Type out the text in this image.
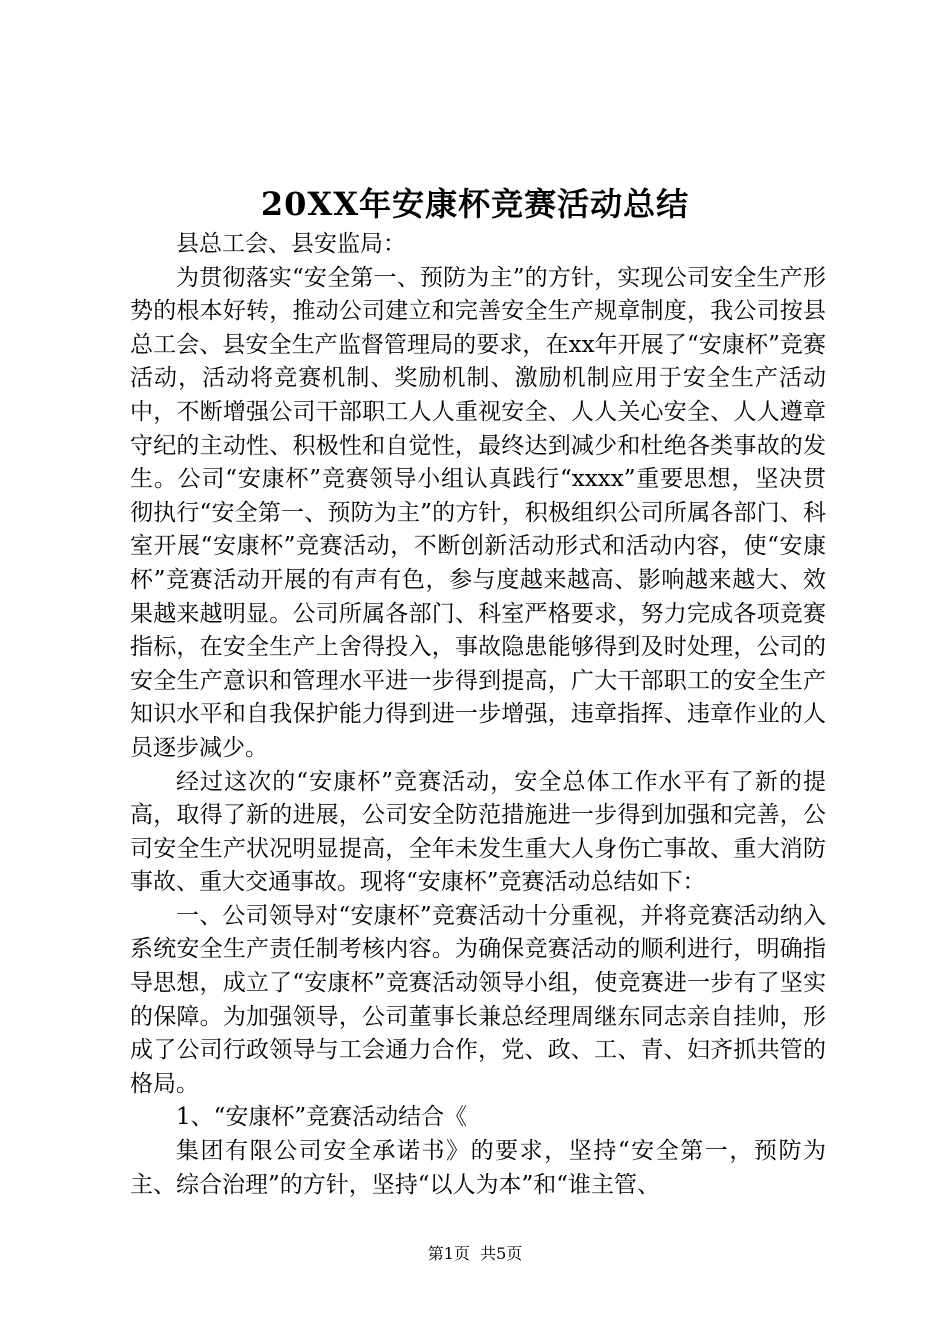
20XX年安康杯竞赛活动总结

县总工会、县安监局：

为贯彻落实“安全第一、预防为主”的方针，实现公司安全生产形势的根本好转，推动公司建立和完善安全生产规章制度，我公司按县总工会、县安全生产监督管理局的要求，在xx年开展了“安康杯”竞赛活动，活动将竞赛机制、奖励机制、激励机制应用于安全生产活动中，不断增强公司干部职工人人重视安全、人人关心安全、人人遵章守纪的主动性、积极性和自觉性，最终达到减少和杜绝各类事故的发生。公司“安康杯”竞赛领导小组认真践行“xxxx”重要思想，坚决贯彻执行“安全第一、预防为主”的方针，积极组织公司所属各部门、科室开展“安康杯”竞赛活动，不断创新活动形式和活动内容，使“安康杯”竞赛活动开展的有声有色，参与度越来越高、影响越来越大、效果越来越明显。公司所属各部门、科室严格要求，努力完成各项竞赛指标，在安全生产上舍得投入，事故隐患能够得到及时处理，公司的安全生产意识和管理水平进一步得到提高，广大干部职工的安全生产知识水平和自我保护能力得到进一步增强，违章指挥、违章作业的人员逐步减少。

经过这次的“安康杯”竞赛活动，安全总体工作水平有了新的提高，取得了新的进展，公司安全防范措施进一步得到加强和完善，公司安全生产状况明显提高，全年未发生重大人身伤亡事故、重大消防事故、重大交通事故。现将“安康杯”竞赛活动总结如下：

一、公司领导对“安康杯”竞赛活动十分重视，并将竞赛活动纳入系统安全生产责任制考核内容。为确保竞赛活动的顺利进行，明确指导思想，成立了“安康杯”竞赛活动领导小组，使竞赛进一步有了坚实的保障。为加强领导，公司董事长兼总经理周继东同志亲自挂帅，形成了公司行政领导与工会通力合作，党、政、工、青、妇齐抓共管的格局。

1、“安康杯”竞赛活动结合《

集团有限公司安全承诺书》的要求，坚持“安全第一，预防为主、综合治理”的方针，坚持“以人为本”和“谁主管、

第1页 共5页
